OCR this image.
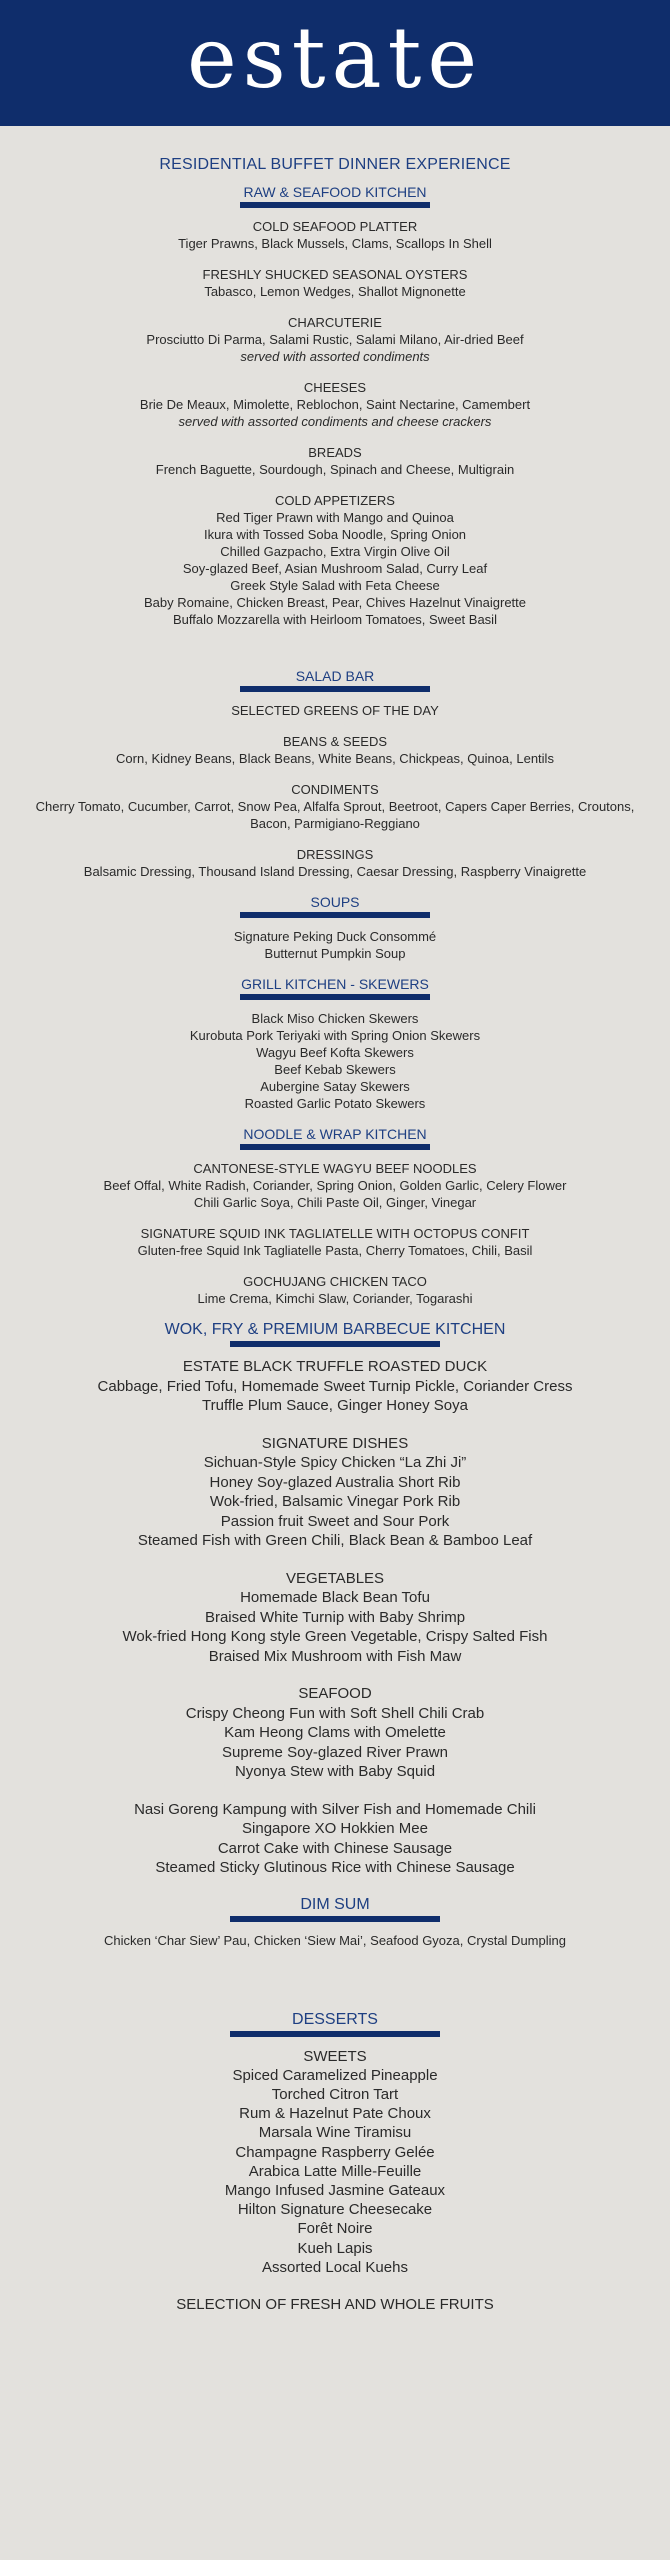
estate
RESIDENTIAL BUFFET DINNER EXPERIENCE
RAW & SEAFOOD KITCHEN
COLD SEAFOOD PLATTER
Tiger Prawns, Black Mussels, Clams, Scallops In Shell
FRESHLY SHUCKED SEASONAL OYSTERS
Tabasco, Lemon Wedges, Shallot Mignonette
CHARCUTERIE
Prosciutto Di Parma, Salami Rustic, Salami Milano, Air-dried Beef
served with assorted condiments
CHEESES
Brie De Meaux, Mimolette, Reblochon, Saint Nectarine, Camembert
served with assorted condiments and cheese crackers
BREADS
French Baguette, Sourdough, Spinach and Cheese, Multigrain
COLD APPETIZERS
Red Tiger Prawn with Mango and Quinoa
Ikura with Tossed Soba Noodle, Spring Onion
Chilled Gazpacho, Extra Virgin Olive Oil
Soy-glazed Beef, Asian Mushroom Salad, Curry Leaf
Greek Style Salad with Feta Cheese
Baby Romaine, Chicken Breast, Pear, Chives Hazelnut Vinaigrette
Buffalo Mozzarella with Heirloom Tomatoes, Sweet Basil
SALAD BAR
SELECTED GREENS OF THE DAY
BEANS & SEEDS
Corn, Kidney Beans, Black Beans, White Beans, Chickpeas, Quinoa, Lentils
CONDIMENTS
Cherry Tomato, Cucumber, Carrot, Snow Pea, Alfalfa Sprout, Beetroot, Capers Caper Berries, Croutons,
Bacon, Parmigiano-Reggiano
DRESSINGS
Balsamic Dressing, Thousand Island Dressing, Caesar Dressing, Raspberry Vinaigrette
SOUPS
Signature Peking Duck Consommé
Butternut Pumpkin Soup
GRILL KITCHEN - SKEWERS
Black Miso Chicken Skewers
Kurobuta Pork Teriyaki with Spring Onion Skewers
Wagyu Beef Kofta Skewers
Beef Kebab Skewers
Aubergine Satay Skewers
Roasted Garlic Potato Skewers
NOODLE & WRAP KITCHEN
CANTONESE-STYLE WAGYU BEEF NOODLES
Beef Offal, White Radish, Coriander, Spring Onion, Golden Garlic, Celery Flower
Chili Garlic Soya, Chili Paste Oil, Ginger, Vinegar
SIGNATURE SQUID INK TAGLIATELLE WITH OCTOPUS CONFIT
Gluten-free Squid Ink Tagliatelle Pasta, Cherry Tomatoes, Chili, Basil
GOCHUJANG CHICKEN TACO
Lime Crema, Kimchi Slaw, Coriander, Togarashi
WOK, FRY & PREMIUM BARBECUE KITCHEN
ESTATE BLACK TRUFFLE ROASTED DUCK
Cabbage, Fried Tofu, Homemade Sweet Turnip Pickle, Coriander Cress
Truffle Plum Sauce, Ginger Honey Soya
SIGNATURE DISHES
Sichuan-Style Spicy Chicken “La Zhi Ji”
Honey Soy-glazed Australia Short Rib
Wok-fried, Balsamic Vinegar Pork Rib
Passion fruit Sweet and Sour Pork
Steamed Fish with Green Chili, Black Bean & Bamboo Leaf
VEGETABLES
Homemade Black Bean Tofu
Braised White Turnip with Baby Shrimp
Wok-fried Hong Kong style Green Vegetable, Crispy Salted Fish
Braised Mix Mushroom with Fish Maw
SEAFOOD
Crispy Cheong Fun with Soft Shell Chili Crab
Kam Heong Clams with Omelette
Supreme Soy-glazed River Prawn
Nyonya Stew with Baby Squid
Nasi Goreng Kampung with Silver Fish and Homemade Chili
Singapore XO Hokkien Mee
Carrot Cake with Chinese Sausage
Steamed Sticky Glutinous Rice with Chinese Sausage
DIM SUM
Chicken ‘Char Siew’ Pau, Chicken ‘Siew Mai’, Seafood Gyoza, Crystal Dumpling
DESSERTS
SWEETS
Spiced Caramelized Pineapple
Torched Citron Tart
Rum & Hazelnut Pate Choux
Marsala Wine Tiramisu
Champagne Raspberry Gelée
Arabica Latte Mille-Feuille
Mango Infused Jasmine Gateaux
Hilton Signature Cheesecake
Forêt Noire
Kueh Lapis
Assorted Local Kuehs
SELECTION OF FRESH AND WHOLE FRUITS
